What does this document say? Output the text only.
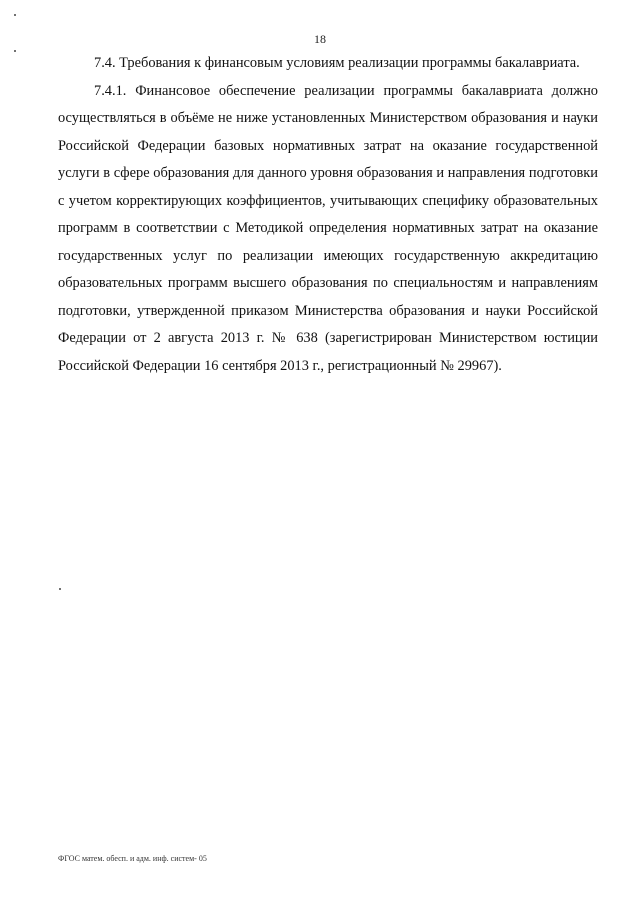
18

7.4. Требования к финансовым условиям реализации программы бакалавриата.

7.4.1. Финансовое обеспечение реализации программы бакалавриата должно осуществляться в объёме не ниже установленных Министерством образования и науки Российской Федерации базовых нормативных затрат на оказание государственной услуги в сфере образования для данного уровня образования и направления подготовки с учетом корректирующих коэффициентов, учитывающих специфику образовательных программ в соответствии с Методикой определения нормативных затрат на оказание государственных услуг по реализации имеющих государственную аккредитацию образовательных программ высшего образования по специальностям и направлениям подготовки, утвержденной приказом Министерства образования и науки Российской Федерации от 2 августа 2013 г. № 638 (зарегистрирован Министерством юстиции Российской Федерации 16 сентября 2013 г., регистрационный № 29967).

ФГОС матем. обесп. и адм. инф. систем- 05
